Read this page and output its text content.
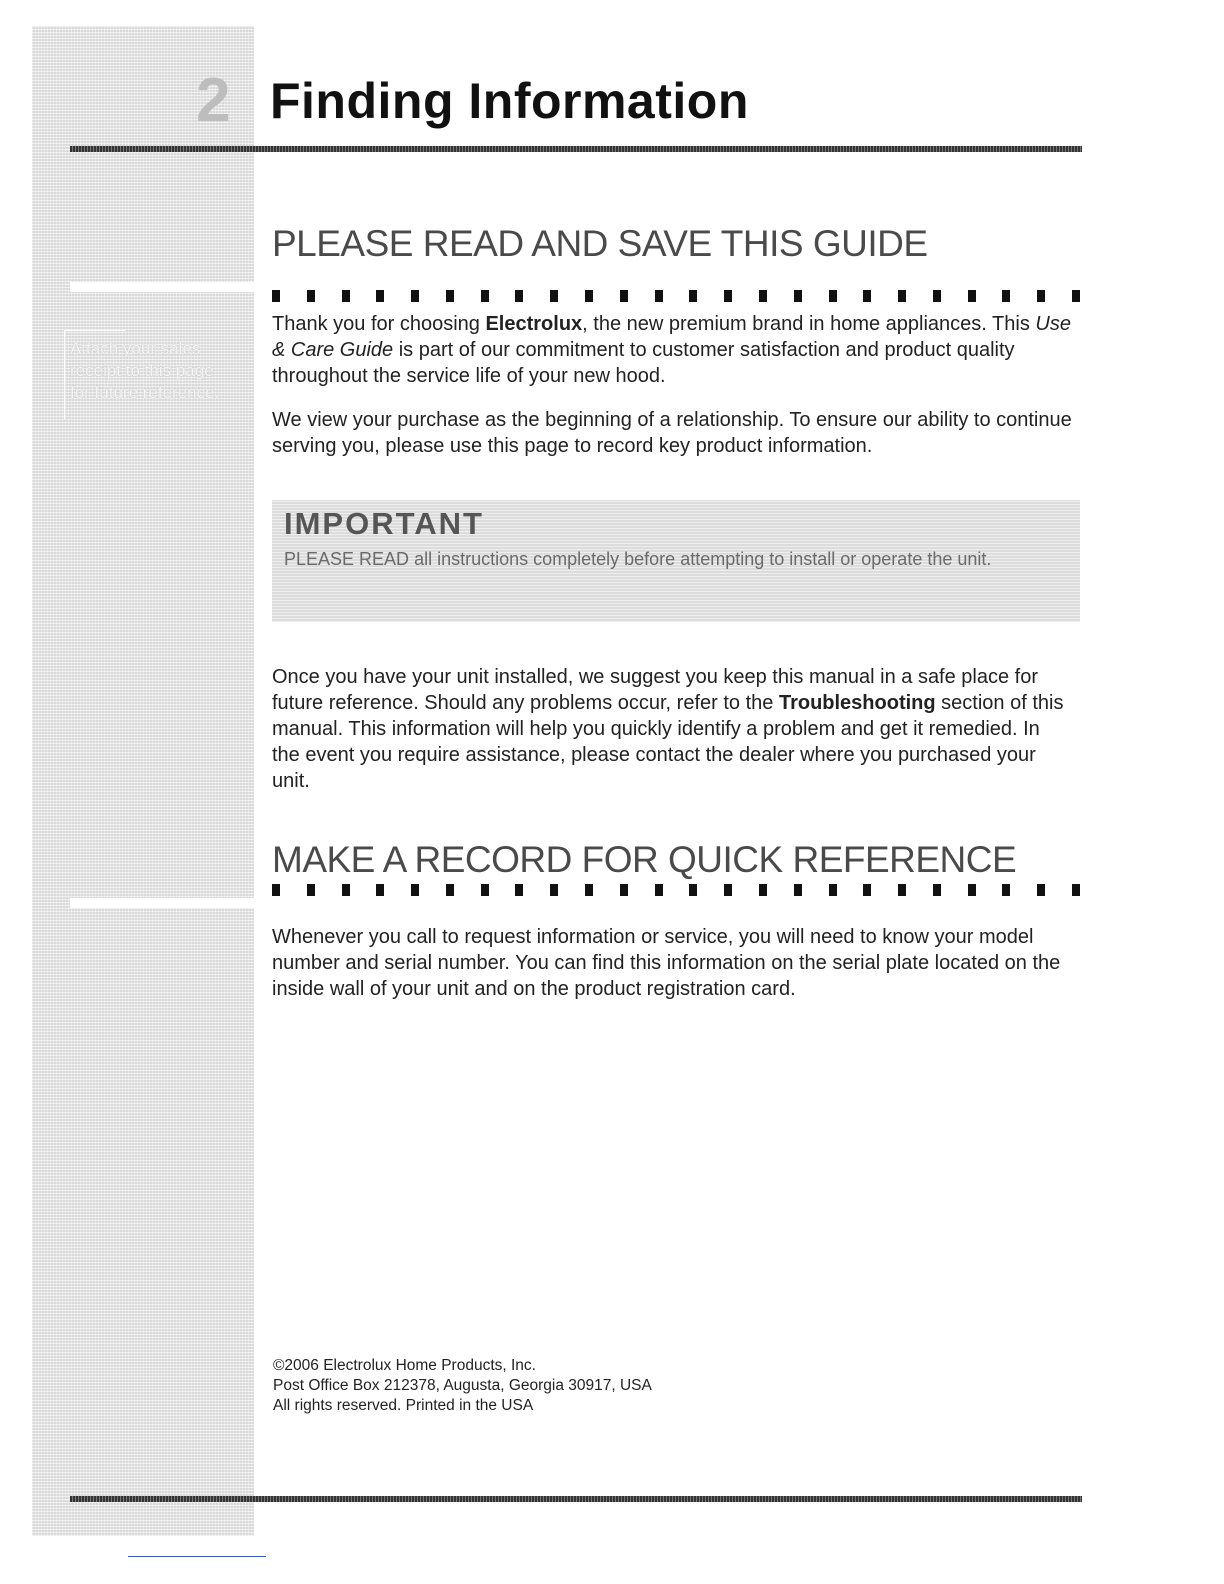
Attach your sales receipt to this page for future reference.
2 Finding Information
PLEASE READ AND SAVE THIS GUIDE

Thank you for choosing Electrolux, the new premium brand in home appliances. This Use & Care Guide is part of our commitment to customer satisfaction and product quality throughout the service life of your new hood.

We view your purchase as the beginning of a relationship. To ensure our ability to continue serving you, please use this page to record key product information.
IMPORTANT
PLEASE READ all instructions completely before attempting to install or operate the unit.

Once you have your unit installed, we suggest you keep this manual in a safe place for future reference. Should any problems occur, refer to the Troubleshooting section of this manual. This information will help you quickly identify a problem and get it remedied. In the event you require assistance, please contact the dealer where you purchased your unit.

MAKE A RECORD FOR QUICK REFERENCE
Whenever you call to request information or service, you will need to know your model number and serial number. You can find this information on the serial plate located on the inside wall of your unit and on the product registration card.
©2006 Electrolux Home Products, Inc.
Post Office Box 212378, Augusta, Georgia 30917, USA
All rights reserved. Printed in the USA
